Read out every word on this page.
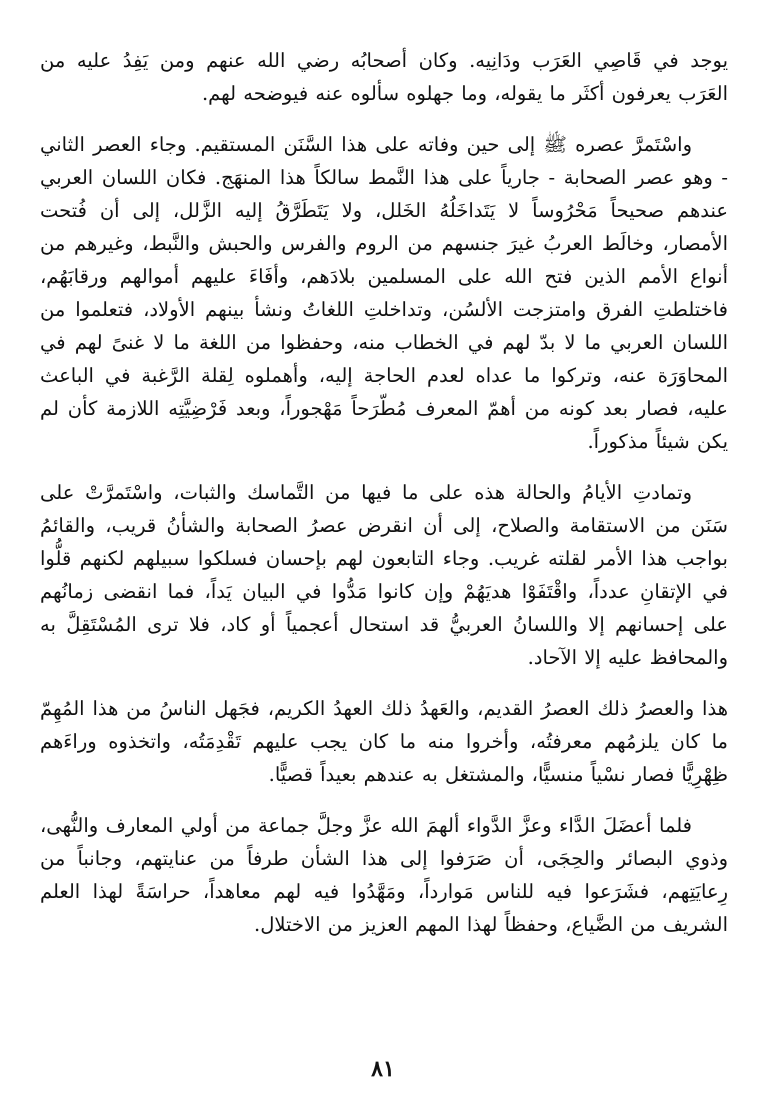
يوجد في قَاصِي العَرَب ودَانِيه. وكان أصحابُه رضي الله عنهم ومن يَفِدُ عليه من العَرَب يعرفون أكثَر ما يقوله، وما جهلوه سألوه عنه فيوضحه لهم.

واسْتَمرَّ عصره ﷺ إلى حين وفاته على هذا السَّنَن المستقيم. وجاء العصر الثاني - وهو عصر الصحابة - جارياً على هذا النَّمط سالكاً هذا المنهَج. فكان اللسان العربي عندهم صحيحاً مَحْرُوساً لا يَتَداخَلُهُ الخَلل، ولا يَتَطَرَّقُ إليه الزَّلل، إلى أن فُتحت الأمصار، وخالَط العربُ غيرَ جنسهم من الروم والفرس والحبش والنَّبط، وغيرهم من أنواع الأمم الذين فتح الله على المسلمين بلادَهم، وأفَاءَ عليهم أموالهم ورقابَهُم، فاختلطتِ الفرق وامتزجت الألسُن، وتداخلتِ اللغاتُ ونشأ بينهم الأولاد، فتعلموا من اللسان العربي ما لا بدّ لهم في الخطاب منه، وحفظوا من اللغة ما لا غنىً لهم في المحاوَرَة عنه، وتركوا ما عداه لعدم الحاجة إليه، وأهملوه لِقلة الرَّغبة في الباعث عليه، فصار بعد كونه من أهمّ المعرف مُطّرَحاً مَهْجوراً، وبعد فَرْضِيَّتِه اللازمة كأن لم يكن شيئاً مذكوراً.

وتمادتِ الأيامُ والحالة هذه على ما فيها من التَّماسك والثبات، واسْتَمرَّتْ على سَنَن من الاستقامة والصلاح، إلى أن انقرض عصرُ الصحابة والشأنُ قريب، والقائمُ بواجب هذا الأمر لقلته غريب. وجاء التابعون لهم بإحسان فسلكوا سبيلهم لكنهم قلُّوا في الإتقانِ عدداً، واقْتَفَوْا هديَهُمْ وإن كانوا مَدُّوا في البيان يَداً، فما انقضى زمانُهم على إحسانهم إلا واللسانُ العربيُّ قد استحال أعجمياً أو كاد، فلا ترى المُسْتَقِلَّ به والمحافظ عليه إلا الآحاد.

هذا والعصرُ ذلك العصرُ القديم، والعَهدُ ذلك العهدُ الكريم، فجَهل الناسُ من هذا المُهِمّ ما كان يلزمُهم معرفتُه، وأخروا منه ما كان يجب عليهم تَقْدِمَتُه، واتخذوه وراءَهم ظِهْرِيًّا فصار نسْياً منسيًّا، والمشتغل به عندهم بعيداً قصيًّا.

فلما أعضَلَ الدَّاء وعزَّ الدَّواء ألهمَ الله عزَّ وجلَّ جماعة من أولي المعارف والنُّهى، وذوي البصائر والحِجَى، أن صَرَفوا إلى هذا الشأن طرفاً من عنايتهم، وجانباً من رِعايَتِهم، فشَرَعوا فيه للناس مَوارداً، ومَهَّدُوا فيه لهم معاهداً، حراسَةً لهذا العلم الشريف من الضَّياع، وحفظاً لهذا المهم العزيز من الاختلال.

٨١
